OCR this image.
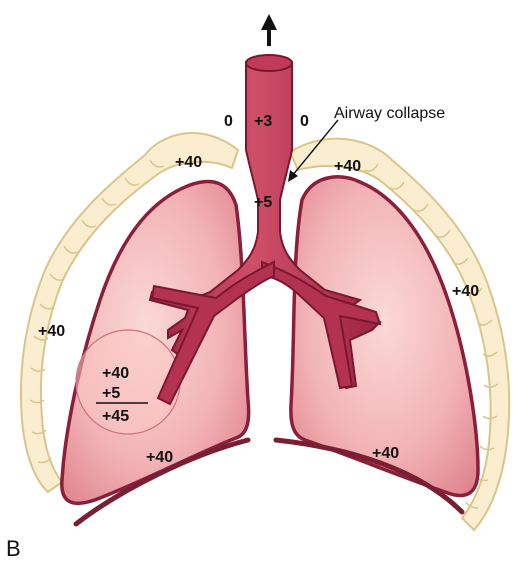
Airway collapse
0	0
+3
+5
+40	+40
+40
+40
+40	+40
+40
+5
+45
B
